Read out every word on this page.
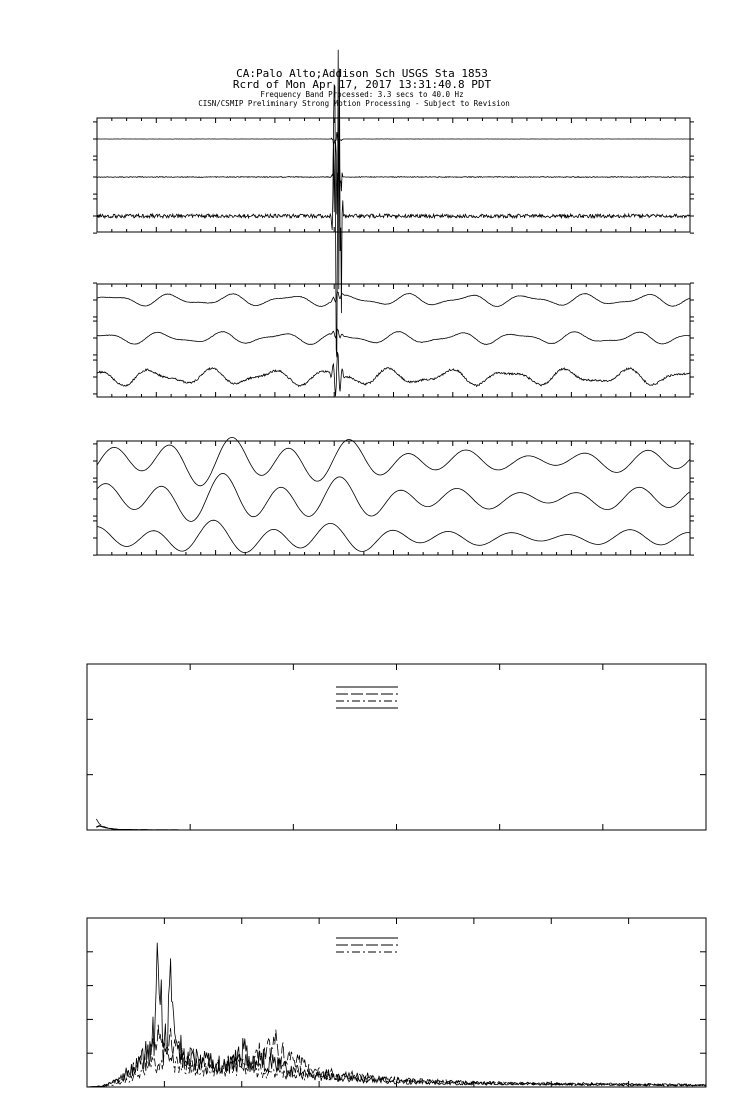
CA:Palo Alto;Addison Sch USGS Sta 1853
Rcrd of Mon Apr 17, 2017 13:31:40.8 PDT
Frequency Band Processed: 3.3 secs to 40.0 Hz
CISN/CSMIP Preliminary Strong Motion Processing - Subject to Revision
